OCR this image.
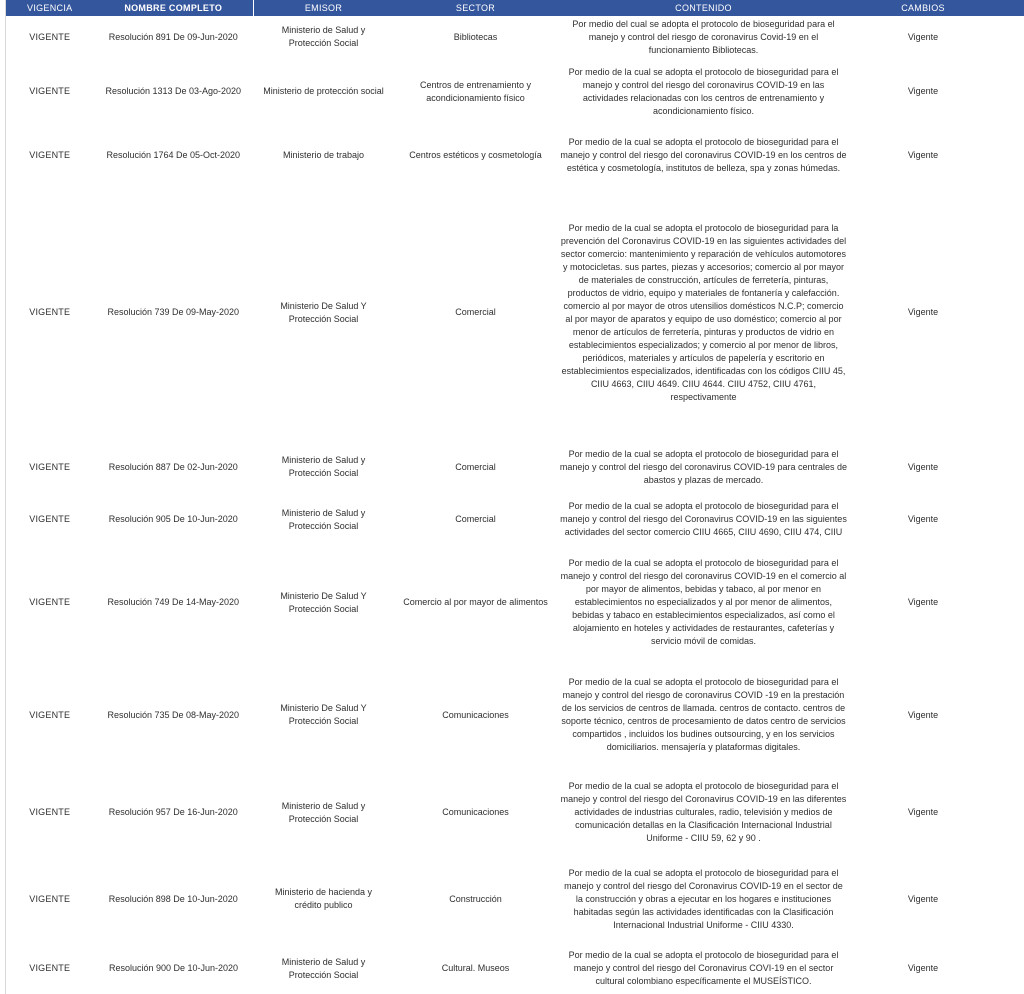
VIGENCIA	NOMBRE COMPLETO	EMISOR	SECTOR	CONTENIDO	CAMBIOS	
VIGENTE	Resolución 891 De 09-Jun-2020	Ministerio de Salud y Protección Social	Bibliotecas	Por medio del cual se adopta el protocolo de bioseguridad para el manejo y control del riesgo de coronavirus Covid-19 en el funcionamiento Bibliotecas.	Vigente	
VIGENTE	Resolución 1313 De 03-Ago-2020	Ministerio de protección social	Centros de entrenamiento y acondicionamiento físico	Por medio de la cual se adopta el protocolo de bioseguridad para el manejo y control del riesgo del coronavirus COVID-19 en las actividades relacionadas con los centros de entrenamiento y acondicionamiento físico.	Vigente	
VIGENTE	Resolución 1764 De 05-Oct-2020	Ministerio de trabajo	Centros estéticos y cosmetología	Por medio de la cual se adopta el protocolo de bioseguridad para el manejo y control del riesgo del coronavirus COVID-19 en los centros de estética y cosmetología, institutos de belleza, spa y zonas húmedas.	Vigente	
VIGENTE	Resolución 739 De 09-May-2020	Ministerio De Salud Y Protección Social	Comercial	Por medio de la cual se adopta el protocolo de bioseguridad para la prevención del Coronavirus COVID-19 en las siguientes actividades del sector comercio: mantenimiento y reparación de vehículos automotores y motocicletas. sus partes, piezas y accesorios; comercio al por mayor de materiales de construcción, artícules de ferretería, pinturas, productos de vidrio, equipo y materiales de fontanería y calefacción. comercio al por mayor de otros utensilios domésticos N.C.P; comercio al por mayor de aparatos y equipo de uso doméstico; comercio al por menor de artículos de ferretería, pinturas y productos de vidrio en establecimientos especializados; y comercio al por menor de libros, periódicos, materiales y artículos de papelería y escritorio en establecimientos especializados, identificadas con los códigos CIIU 45, CIIU 4663, CIIU 4649. CIIU 4644. CIIU 4752, CIIU 4761, respectivamente	Vigente	
VIGENTE	Resolución 887 De 02-Jun-2020	Ministerio de Salud y Protección Social	Comercial	Por medio de la cual se adopta el protocolo de bioseguridad para el manejo y control del riesgo del coronavirus COVID-19 para centrales de abastos y plazas de mercado.	Vigente	
VIGENTE	Resolución 905 De 10-Jun-2020	Ministerio de Salud y Protección Social	Comercial	Por medio de la cual se adopta el protocolo de bioseguridad para el manejo y control del riesgo del Coronavirus COVID-19 en las siguientes actividades del sector comercio CIIU 4665, CIIU 4690, CIIU 474, CIIU	Vigente	
VIGENTE	Resolución 749 De 14-May-2020	Ministerio De Salud Y Protección Social	Comercio al por mayor de alimentos	Por medio de la cual se adopta el protocolo de bioseguridad para el manejo y control del riesgo del coronavirus COVID-19 en el comercio al por mayor de alimentos, bebidas y tabaco, al por menor en establecimientos no especializados y al por menor de alimentos, bebidas y tabaco en establecimientos especializados, así como el alojamiento en hoteles y actividades de restaurantes, cafeterías y servicio móvil de comidas.	Vigente	
VIGENTE	Resolución 735 De 08-May-2020	Ministerio De Salud Y Protección Social	Comunicaciones	Por medio de la cual se adopta el protocolo de bioseguridad para el manejo y control del riesgo de coronavirus COVID -19 en la prestación de los servicios de centros de llamada. centros de contacto. centros de soporte técnico, centros de procesamiento de datos centro de servicios compartidos , incluidos los budines outsourcing, y en los servicios domiciliarios. mensajería y plataformas digitales.	Vigente	
VIGENTE	Resolución 957 De 16-Jun-2020	Ministerio de Salud y Protección Social	Comunicaciones	Por medio de la cual se adopta el protocolo de bioseguridad para el manejo y control del riesgo del Coronavirus COVID-19 en las diferentes actividades de industrias culturales, radio, televisión y medios de comunicación detallas en la Clasificación Internacional Industrial Uniforme - CIIU 59, 62 y 90 .	Vigente	
VIGENTE	Resolución 898 De 10-Jun-2020	Ministerio de hacienda y crédito publico	Construcción	Por medio de la cual se adopta el protocolo de bioseguridad para el manejo y control del riesgo del Coronavirus COVID-19 en el sector de la construcción y obras a ejecutar en los hogares e instituciones habitadas según las actividades identificadas con la Clasificación Internacional Industrial Uniforme - CIIU 4330.	Vigente	
VIGENTE	Resolución 900 De 10-Jun-2020	Ministerio de Salud y Protección Social	Cultural. Museos	Por medio de la cual se adopta el protocolo de bioseguridad para el manejo y control del riesgo del Coronavirus COVI-19 en el sector cultural colombiano específicamente el MUSEÍSTICO.	Vigente	
